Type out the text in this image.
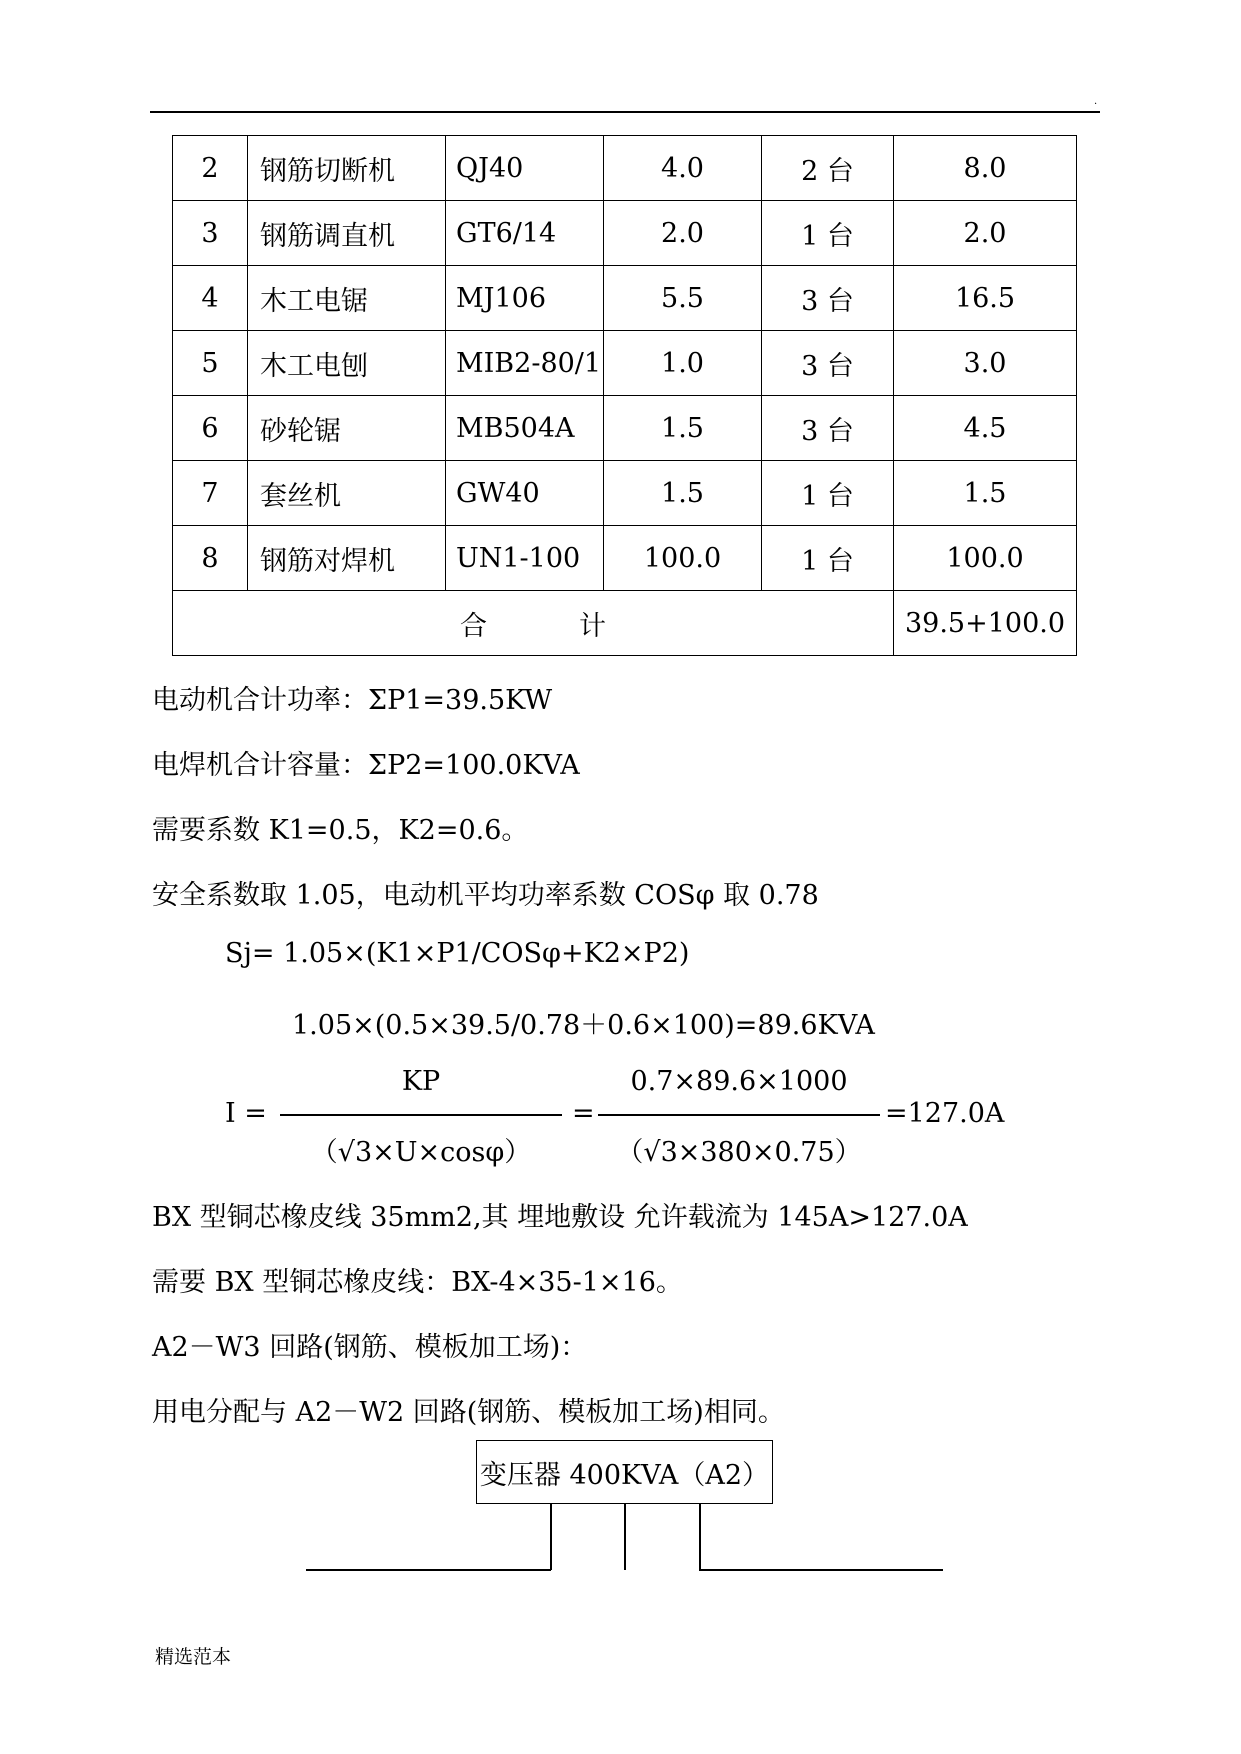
.
2	钢筋切断机	QJ40	4.0	2 台	8.0
3	钢筋调直机	GT6/14	2.0	1 台	2.0
4	木工电锯	MJ106	5.5	3 台	16.5
5	木工电刨	MIB2-80/1	1.0	3 台	3.0
6	砂轮锯	MB504A	1.5	3 台	4.5
7	套丝机	GW40	1.5	1 台	1.5
8	钢筋对焊机	UN1-100	100.0	1 台	100.0
合 计					39.5+100.0
电动机合计功率：ΣP1=39.5KW
电焊机合计容量：ΣP2=100.0KVA
需要系数 K1=0.5，K2=0.6。
安全系数取 1.05，电动机平均功率系数 COSφ 取 0.78
Sj= 1.05×(K1×P1/COSφ+K2×P2)
1.05×(0.5×39.5/0.78＋0.6×100)=89.6KVA
I =
KP
（√3×U×cosφ）
=
0.7×89.6×1000
（√3×380×0.75）
=127.0A
BX 型铜芯橡皮线 35mm2,其 埋地敷设 允许载流为 145A>127.0A
需要 BX 型铜芯橡皮线：BX-4×35-1×16。
A2－W3 回路(钢筋、模板加工场)：
用电分配与 A2－W2 回路(钢筋、模板加工场)相同。
变压器 400KVA（A2）
精选范本
